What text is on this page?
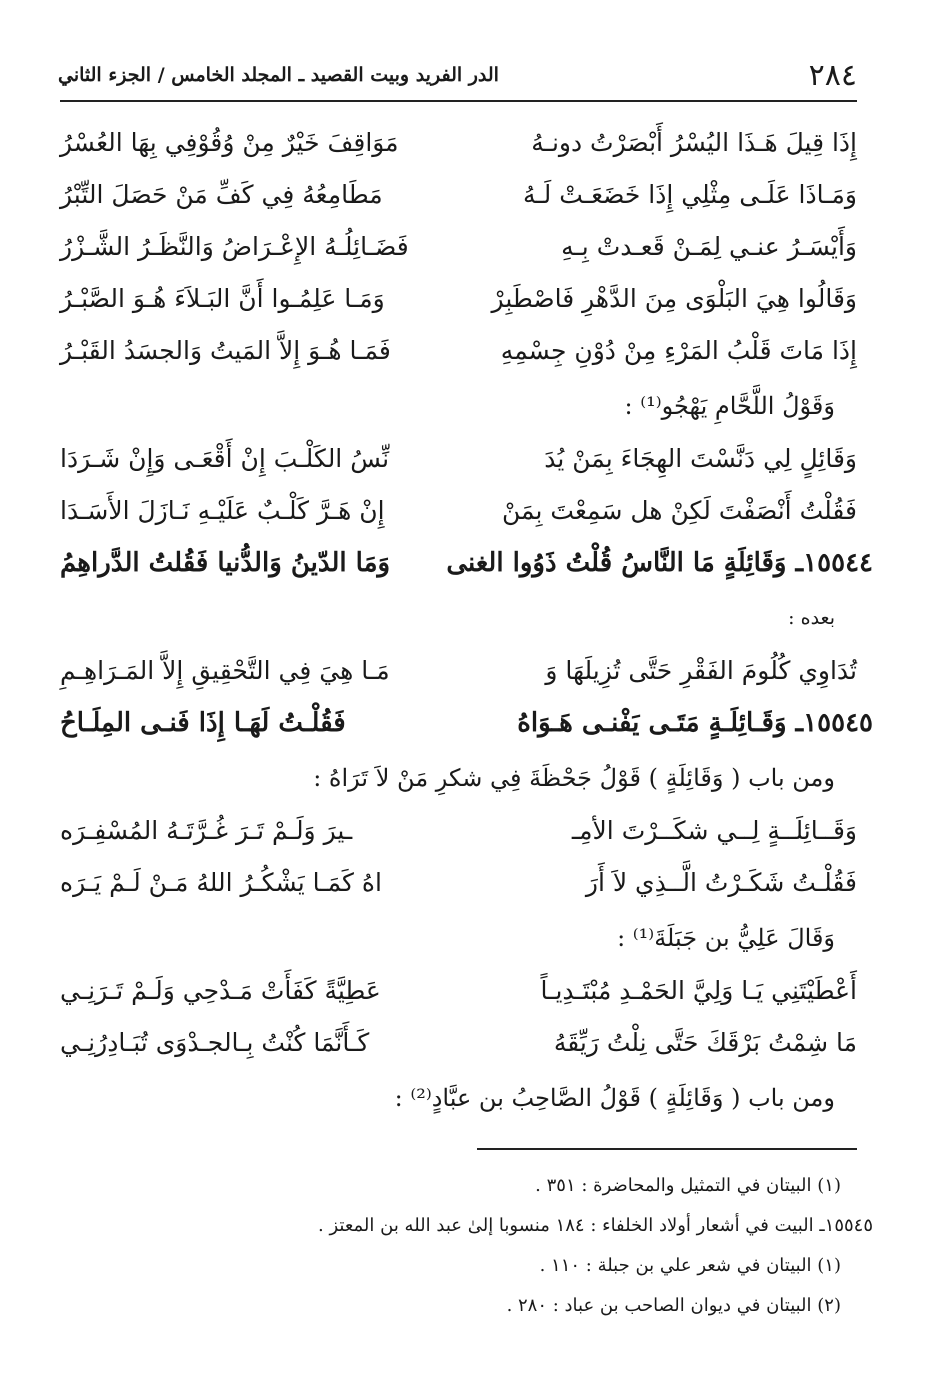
٢٨٤
الدر الفريد وبيت القصيد ـ المجلد الخامس / الجزء الثاني
إِذَا قِيلَ هَـذَا اليُسْرُ أَبْصَرْتُ دونـهُ
مَوَاقِفَ خَيْرٌ مِنْ وُقُوْفِي بِهَا العُسْرُ
وَمَـاذَا عَلَـى مِثْلِي إِذَا خَضَعَـتْ لَـهُ
مَطَامِعُهُ فِي كَفِّ مَنْ حَصَلَ التِّبْرُ
وَأَيْسَـرُ عنـي لِمَـنْ قَعـدتْ بِـهِ
فَضَـائِلُـهُ الإِعْـرَاضُ وَالنَّظَـرُ الشَّـزْرُ
وَقَالُوا هِيَ البَلْوَى مِنَ الدَّهْرِ فَاصْطَبِرْ
وَمَـا عَلِمُـوا أَنَّ البَـلاَءَ هُـوَ الصَّبْـرُ
إِذَا مَاتَ قَلْبُ المَرْءِ مِنْ دُوْنِ جِسْمِهِ
فَمَـا هُـوَ إِلاَّ المَيتُ وَالجسَدُ القَبْـرُ
وَقَوْلُ اللَّحَّامِ يَهْجُو⁽¹⁾ :
وَقَائِلٍ لِي دَنَّسْتَ الهِجَاءَ بِمَنْ يُدَ
نِّسُ الكَلْـبَ إِنْ أَقْعَـى وَإِنْ شَـرَدَا
فَقُلْتُ أَنْصَفْتَ لَكِنْ هل سَمِعْتَ بِمَنْ
إِنْ هَـرَّ كَلْـبٌ عَلَيْـهِ نَـازَلَ الأَسَـدَا
١٥٥٤٤ـ وَقَائِلَةٍ مَا النَّاسُ قُلْتُ ذَوُوا الغنى
وَمَا الدّينُ وَالدُّنيا فَقُلتُ الدَّراهِمُ
بعده :
تُدَاوِي كُلُومَ الفَقْرِ حَتَّى تُزِيلَهَا وَ
مَـا هِيَ فِي التَّحْقِيقِ إِلاَّ المَـرَاهِـمِ
١٥٥٤٥ـ وَقَـائِلَـةٍ مَتَـى يَفْنـى هَـوَاهُ
فَقُلْـتُ لَهَـا إِذَا فَنـى المِلَـاحُ
ومن باب ( وَقَائِلَةٍ ) قَوْلُ جَحْظَةَ فِي شكرِ مَنْ لاَ تَرَاهُ :
وَقَــائِلَــةٍ لِــي شكَــرْتَ الأمِـ
ـيرَ وَلَـمْ تَـرَ غُـرَّتَـهُ المُسْفِـرَه
فَقُلْـتُ شَكَـرْتُ الَّــذِي لاَ أَرَ
اهُ كَمَـا يَشْكُـرُ اللهُ مَـنْ لَـمْ يَـرَه
وَقَالَ عَلِيُّ بن جَبَلَةَ⁽¹⁾ :
أَعْطَيْتَنِي يَـا وَلِيَّ الحَمْـدِ مُبْتَـدِيـاً
عَطِيَّةً كَفَأَتْ مَـدْحِي وَلَـمْ تَـرَنِـي
مَا شِمْتُ بَرْقَكَ حَتَّى نِلْتُ رَيِّقَهُ
كَـأَنَّمَا كُنْتُ بِـالجـدْوَى تُبَـادِرُنِـي
ومن باب ( وَقَائِلَةٍ ) قَوْلُ الصَّاحِبُ بن عبَّادٍ⁽²⁾ :
(١) البيتان في التمثيل والمحاضرة : ٣٥١ .
١٥٥٤٥ـ البيت في أشعار أولاد الخلفاء : ١٨٤ منسوبا إلىٰ عبد الله بن المعتز .
(١) البيتان في شعر علي بن جبلة : ١١٠ .
(٢) البيتان في ديوان الصاحب بن عباد : ٢٨٠ .
